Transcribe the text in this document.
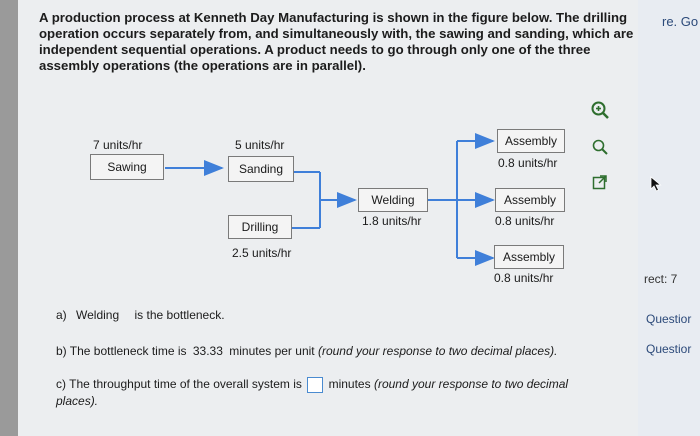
A production process at Kenneth Day Manufacturing is shown in the figure below. The drilling operation occurs separately from, and simultaneously with, the sawing and sanding, which are independent sequential operations. A product needs to go through only one of the three assembly operations (the operations are in parallel).
7 units/hr
Sawing
5 units/hr
Sanding
Drilling
2.5 units/hr
Welding
1.8 units/hr
Assembly
0.8 units/hr
Assembly
0.8 units/hr
Assembly
0.8 units/hr
a) Welding is the bottleneck.
b) The bottleneck time is 33.33 minutes per unit (round your response to two decimal places).
c) The throughput time of the overall system is minutes (round your response to two decimal
places).
re. Go
rect: 7
Questior
Questior
